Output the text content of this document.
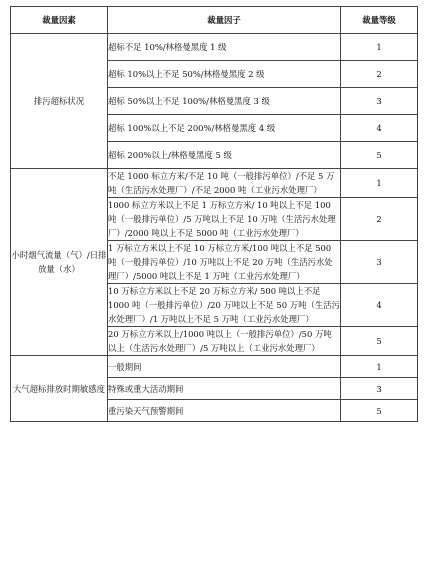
裁量因素	裁量因子	裁量等级
排污超标状况	超标不足 10%/林格曼黑度 1 级	1
	超标 10%以上不足 50%/林格曼黑度 2 级	2
	超标 50%以上不足 100%/林格曼黑度 3 级	3
	超标 100%以上不足 200%/林格曼黑度 4 级	4
	超标 200%以上/林格曼黑度 5 级	5
小时烟气流量（气）/日排放量（水）	不足 1000 标立方米/不足 10 吨（一般排污单位）/不足 5 万吨（生活污水处理厂）/不足 2000 吨（工业污水处理厂）	1
	1000 标立方米以上不足 1 万标立方米/ 10 吨以上不足 100 吨（一般排污单位）/5 万吨以上不足 10 万吨（生活污水处理厂）/2000 吨以上不足 5000 吨（工业污水处理厂）	2
	1 万标立方米以上不足 10 万标立方米/100 吨以上不足 500 吨（一般排污单位）/10 万吨以上不足 20 万吨（生活污水处理厂）/5000 吨以上不足 1 万吨（工业污水处理厂）	3
	10 万标立方米以上不足 20 万标立方米/ 500 吨以上不足 1000 吨（一般排污单位）/20 万吨以上不足 50 万吨（生活污水处理厂）/1 万吨以上不足 5 万吨（工业污水处理厂）	4
	20 万标立方米以上/1000 吨以上（一般排污单位）/50 万吨以上（生活污水处理厂）/5 万吨以上（工业污水处理厂）	5
大气超标排放时期敏感度	一般期间	1
	特殊或重大活动期间	3
	重污染天气预警期间	5
